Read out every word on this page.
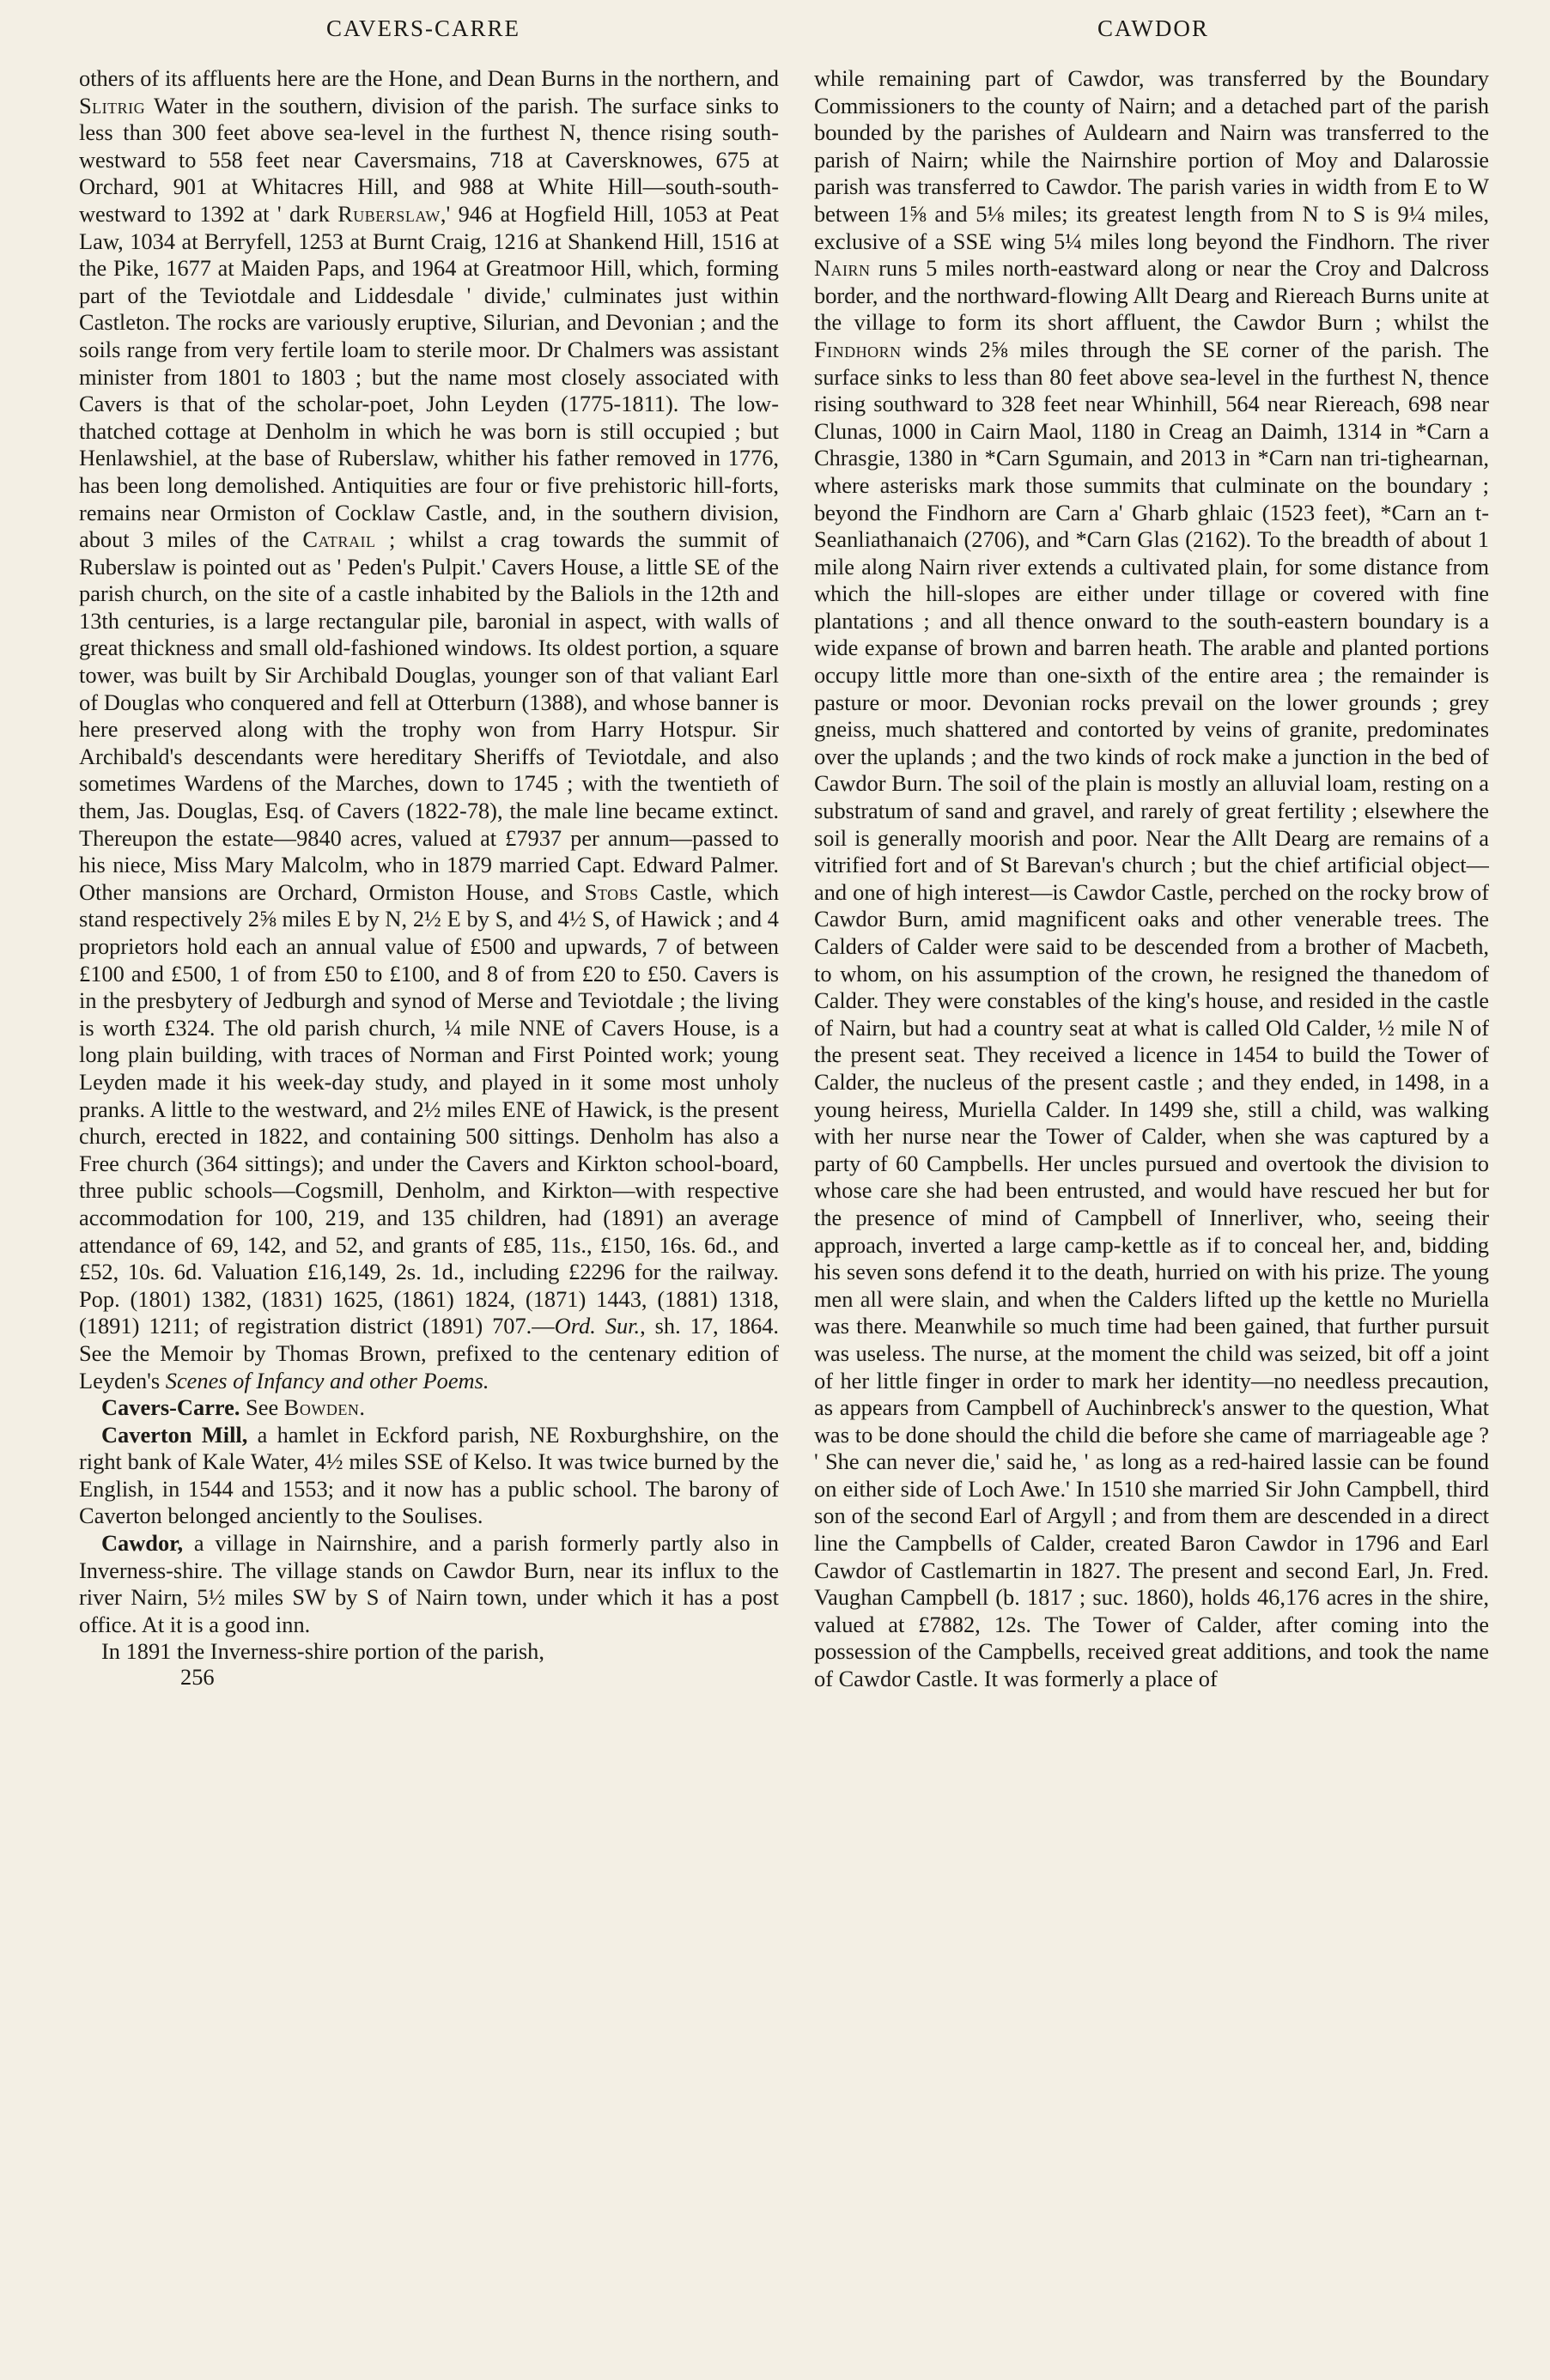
CAVERS-CARRE	CAWDOR

others of its affluents here are the Hone, and Dean Burns in the northern, and Slitrig Water in the southern, division of the parish. The surface sinks to less than 300 feet above sea-level in the furthest N, thence rising south-westward to 558 feet near Caversmains, 718 at Caversknowes, 675 at Orchard, 901 at Whitacres Hill, and 988 at White Hill—south-south-westward to 1392 at ' dark Ruberslaw,' 946 at Hogfield Hill, 1053 at Peat Law, 1034 at Berryfell, 1253 at Burnt Craig, 1216 at Shankend Hill, 1516 at the Pike, 1677 at Maiden Paps, and 1964 at Greatmoor Hill, which, forming part of the Teviotdale and Liddesdale ' divide,' culminates just within Castleton. The rocks are variously eruptive, Silurian, and Devonian ; and the soils range from very fertile loam to sterile moor. Dr Chalmers was assistant minister from 1801 to 1803 ; but the name most closely associated with Cavers is that of the scholar-poet, John Leyden (1775-1811). The low-thatched cottage at Denholm in which he was born is still occupied ; but Henlawshiel, at the base of Ruberslaw, whither his father removed in 1776, has been long demolished. Antiquities are four or five prehistoric hill-forts, remains near Ormiston of Cocklaw Castle, and, in the southern division, about 3 miles of the Catrail ; whilst a crag towards the summit of Ruberslaw is pointed out as ' Peden's Pulpit.' Cavers House, a little SE of the parish church, on the site of a castle inhabited by the Baliols in the 12th and 13th centuries, is a large rectangular pile, baronial in aspect, with walls of great thickness and small old-fashioned windows. Its oldest portion, a square tower, was built by Sir Archibald Douglas, younger son of that valiant Earl of Douglas who conquered and fell at Otterburn (1388), and whose banner is here preserved along with the trophy won from Harry Hotspur. Sir Archibald's descendants were hereditary Sheriffs of Teviotdale, and also sometimes Wardens of the Marches, down to 1745 ; with the twentieth of them, Jas. Douglas, Esq. of Cavers (1822-78), the male line became extinct. Thereupon the estate—9840 acres, valued at £7937 per annum—passed to his niece, Miss Mary Malcolm, who in 1879 married Capt. Edward Palmer. Other mansions are Orchard, Ormiston House, and Stobs Castle, which stand respectively 2⅝ miles E by N, 2½ E by S, and 4½ S, of Hawick ; and 4 proprietors hold each an annual value of £500 and upwards, 7 of between £100 and £500, 1 of from £50 to £100, and 8 of from £20 to £50. Cavers is in the presbytery of Jedburgh and synod of Merse and Teviotdale ; the living is worth £324. The old parish church, ¼ mile NNE of Cavers House, is a long plain building, with traces of Norman and First Pointed work; young Leyden made it his week-day study, and played in it some most unholy pranks. A little to the westward, and 2½ miles ENE of Hawick, is the present church, erected in 1822, and containing 500 sittings. Denholm has also a Free church (364 sittings); and under the Cavers and Kirkton school-board, three public schools—Cogsmill, Denholm, and Kirkton—with respective accommodation for 100, 219, and 135 children, had (1891) an average attendance of 69, 142, and 52, and grants of £85, 11s., £150, 16s. 6d., and £52, 10s. 6d. Valuation £16,149, 2s. 1d., including £2296 for the railway. Pop. (1801) 1382, (1831) 1625, (1861) 1824, (1871) 1443, (1881) 1318, (1891) 1211; of registration district (1891) 707.—Ord. Sur., sh. 17, 1864. See the Memoir by Thomas Brown, prefixed to the centenary edition of Leyden's Scenes of Infancy and other Poems.

Cavers-Carre. See Bowden.

Caverton Mill, a hamlet in Eckford parish, NE Roxburghshire, on the right bank of Kale Water, 4½ miles SSE of Kelso. It was twice burned by the English, in 1544 and 1553; and it now has a public school. The barony of Caverton belonged anciently to the Soulises.

Cawdor, a village in Nairnshire, and a parish formerly partly also in Inverness-shire. The village stands on Cawdor Burn, near its influx to the river Nairn, 5½ miles SW by S of Nairn town, under which it has a post office. At it is a good inn.

In 1891 the Inverness-shire portion of the parish,

256

while remaining part of Cawdor, was transferred by the Boundary Commissioners to the county of Nairn; and a detached part of the parish bounded by the parishes of Auldearn and Nairn was transferred to the parish of Nairn; while the Nairnshire portion of Moy and Dalarossie parish was transferred to Cawdor. The parish varies in width from E to W between 1⅝ and 5⅛ miles; its greatest length from N to S is 9¼ miles, exclusive of a SSE wing 5¼ miles long beyond the Findhorn. The river Nairn runs 5 miles north-eastward along or near the Croy and Dalcross border, and the northward-flowing Allt Dearg and Riereach Burns unite at the village to form its short affluent, the Cawdor Burn ; whilst the Findhorn winds 2⅝ miles through the SE corner of the parish. The surface sinks to less than 80 feet above sea-level in the furthest N, thence rising southward to 328 feet near Whinhill, 564 near Riereach, 698 near Clunas, 1000 in Cairn Maol, 1180 in Creag an Daimh, 1314 in *Carn a Chrasgie, 1380 in *Carn Sgumain, and 2013 in *Carn nan tri-tighearnan, where asterisks mark those summits that culminate on the boundary ; beyond the Findhorn are Carn a' Gharb ghlaic (1523 feet), *Carn an t-Seanliathanaich (2706), and *Carn Glas (2162). To the breadth of about 1 mile along Nairn river extends a cultivated plain, for some distance from which the hill-slopes are either under tillage or covered with fine plantations ; and all thence onward to the south-eastern boundary is a wide expanse of brown and barren heath. The arable and planted portions occupy little more than one-sixth of the entire area ; the remainder is pasture or moor. Devonian rocks prevail on the lower grounds ; grey gneiss, much shattered and contorted by veins of granite, predominates over the uplands ; and the two kinds of rock make a junction in the bed of Cawdor Burn. The soil of the plain is mostly an alluvial loam, resting on a substratum of sand and gravel, and rarely of great fertility ; elsewhere the soil is generally moorish and poor. Near the Allt Dearg are remains of a vitrified fort and of St Barevan's church ; but the chief artificial object—and one of high interest—is Cawdor Castle, perched on the rocky brow of Cawdor Burn, amid magnificent oaks and other venerable trees. The Calders of Calder were said to be descended from a brother of Macbeth, to whom, on his assumption of the crown, he resigned the thanedom of Calder. They were constables of the king's house, and resided in the castle of Nairn, but had a country seat at what is called Old Calder, ½ mile N of the present seat. They received a licence in 1454 to build the Tower of Calder, the nucleus of the present castle ; and they ended, in 1498, in a young heiress, Muriella Calder. In 1499 she, still a child, was walking with her nurse near the Tower of Calder, when she was captured by a party of 60 Campbells. Her uncles pursued and overtook the division to whose care she had been entrusted, and would have rescued her but for the presence of mind of Campbell of Innerliver, who, seeing their approach, inverted a large camp-kettle as if to conceal her, and, bidding his seven sons defend it to the death, hurried on with his prize. The young men all were slain, and when the Calders lifted up the kettle no Muriella was there. Meanwhile so much time had been gained, that further pursuit was useless. The nurse, at the moment the child was seized, bit off a joint of her little finger in order to mark her identity—no needless precaution, as appears from Campbell of Auchinbreck's answer to the question, What was to be done should the child die before she came of marriageable age ? ' She can never die,' said he, ' as long as a red-haired lassie can be found on either side of Loch Awe.' In 1510 she married Sir John Campbell, third son of the second Earl of Argyll ; and from them are descended in a direct line the Campbells of Calder, created Baron Cawdor in 1796 and Earl Cawdor of Castlemartin in 1827. The present and second Earl, Jn. Fred. Vaughan Campbell (b. 1817 ; suc. 1860), holds 46,176 acres in the shire, valued at £7882, 12s. The Tower of Calder, after coming into the possession of the Campbells, received great additions, and took the name of Cawdor Castle. It was formerly a place of
